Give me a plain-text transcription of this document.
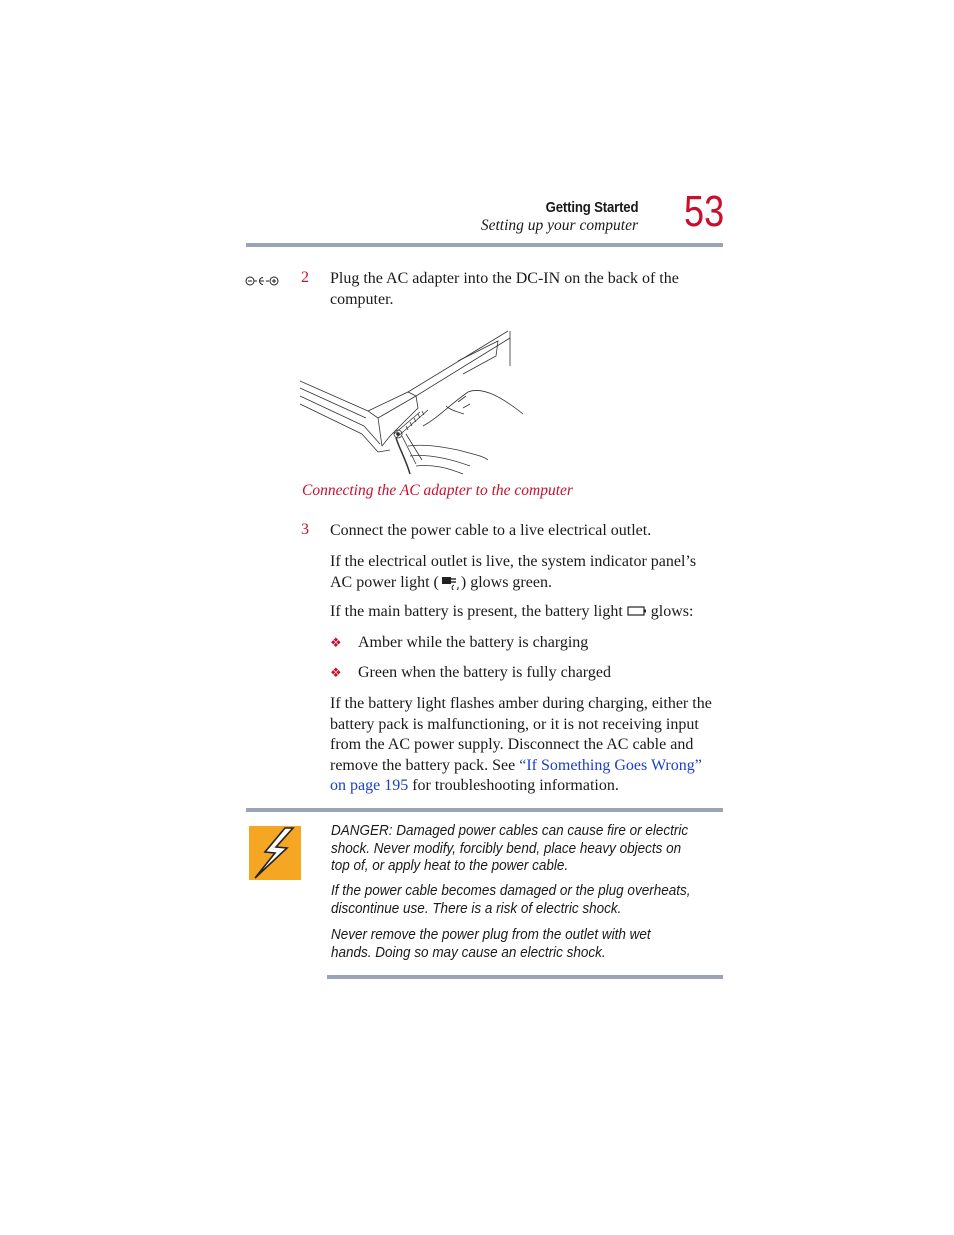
Getting Started
Setting up your computer 53
2 Plug the AC adapter into the DC-IN on the back of the computer.
Connecting the AC adapter to the computer
3 Connect the power cable to a live electrical outlet.
If the electrical outlet is live, the system indicator panel’s AC power light ( ) glows green.
If the main battery is present, the battery light glows:
❖ Amber while the battery is charging
❖ Green when the battery is fully charged
If the battery light flashes amber during charging, either the battery pack is malfunctioning, or it is not receiving input from the AC power supply. Disconnect the AC cable and remove the battery pack. See “If Something Goes Wrong” on page 195 for troubleshooting information.
DANGER: Damaged power cables can cause fire or electric shock. Never modify, forcibly bend, place heavy objects on top of, or apply heat to the power cable.
If the power cable becomes damaged or the plug overheats, discontinue use. There is a risk of electric shock.
Never remove the power plug from the outlet with wet hands. Doing so may cause an electric shock.
